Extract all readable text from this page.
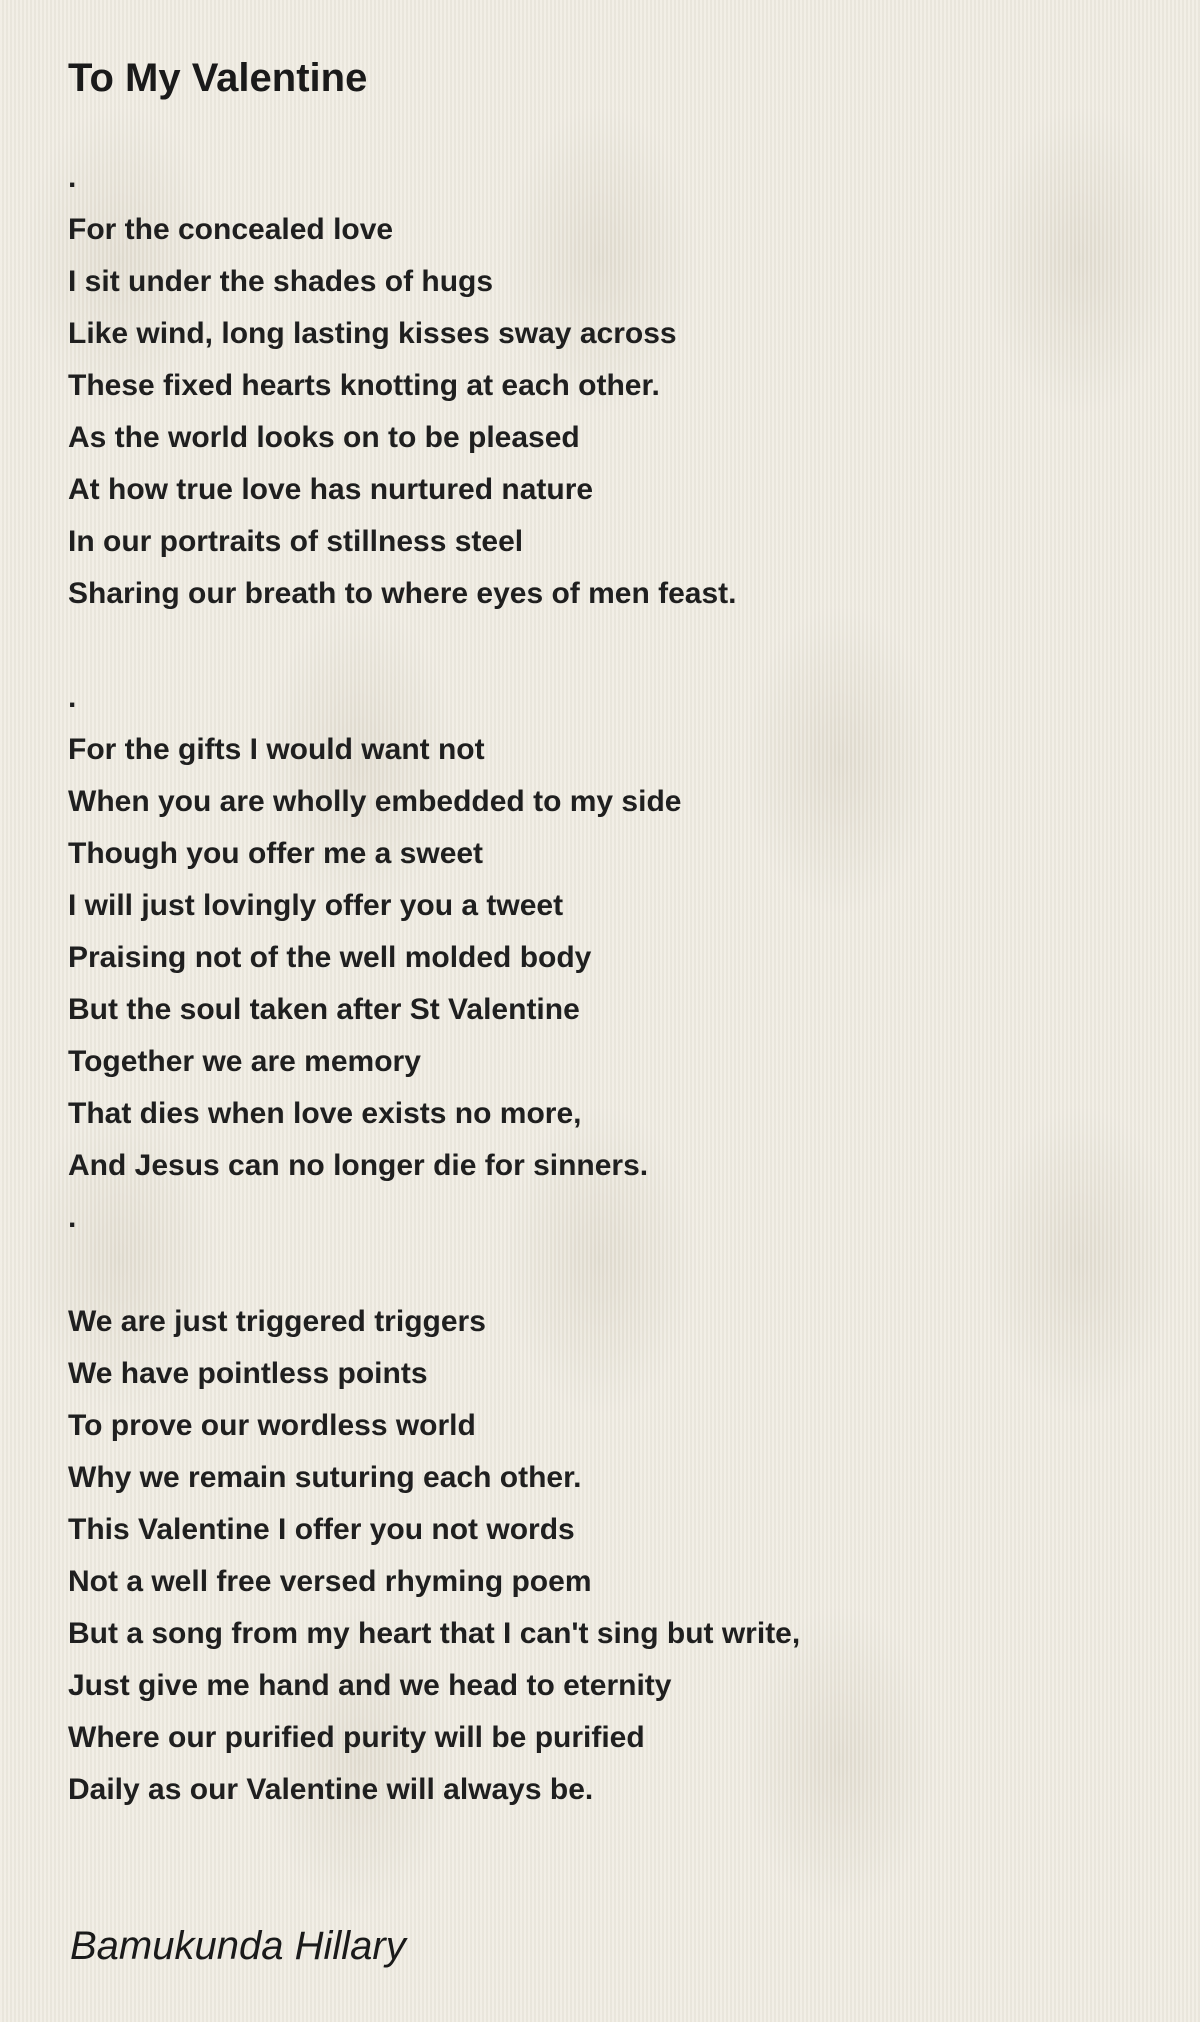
To My Valentine
.
For the concealed love
I sit under the shades of hugs
Like wind, long lasting kisses sway across
These fixed hearts knotting at each other.
As the world looks on to be pleased
At how true love has nurtured nature
In our portraits of stillness steel
Sharing our breath to where eyes of men feast.
.
For the gifts I would want not
When you are wholly embedded to my side
Though you offer me a sweet
I will just lovingly offer you a tweet
Praising not of the well molded body
But the soul taken after St Valentine
Together we are memory
That dies when love exists no more,
And Jesus can no longer die for sinners.
.
We are just triggered triggers
We have pointless points
To prove our wordless world
Why we remain suturing each other.
This Valentine I offer you not words
Not a well free versed rhyming poem
But a song from my heart that I can't sing but write,
Just give me hand and we head to eternity
Where our purified purity will be purified
Daily as our Valentine will always be.

Bamukunda Hillary
